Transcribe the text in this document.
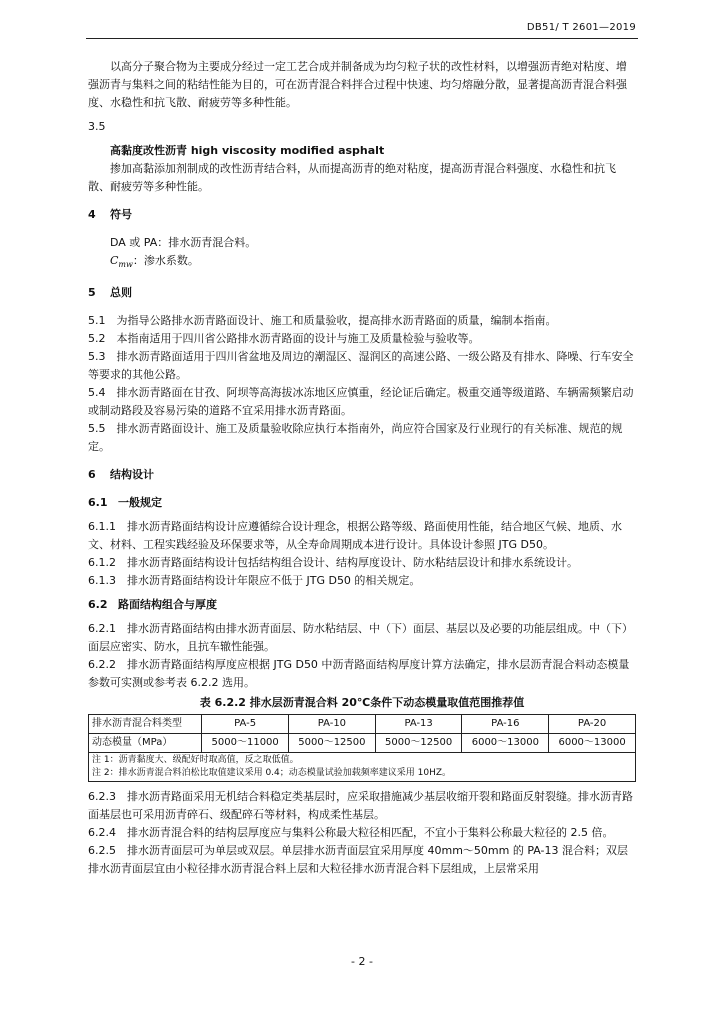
DB51/ T 2601—2019

以高分子聚合物为主要成分经过一定工艺合成并制备成为均匀粒子状的改性材料，以增强沥青绝对粘度、增强沥青与集料之间的粘结性能为目的，可在沥青混合料拌合过程中快速、均匀熔融分散，显著提高沥青混合料强度、水稳性和抗飞散、耐疲劳等多种性能。

3.5

高黏度改性沥青 high viscosity modified asphalt

掺加高黏添加剂制成的改性沥青结合料，从而提高沥青的绝对粘度，提高沥青混合料强度、水稳性和抗飞散、耐疲劳等多种性能。

4 符号

DA 或 PA：排水沥青混合料。

$C_{mw}$：渗水系数。

5 总则

5.1　为指导公路排水沥青路面设计、施工和质量验收，提高排水沥青路面的质量，编制本指南。

5.2　本指南适用于四川省公路排水沥青路面的设计与施工及质量检验与验收等。

5.3　排水沥青路面适用于四川省盆地及周边的潮湿区、湿润区的高速公路、一级公路及有排水、降噪、行车安全等要求的其他公路。

5.4　排水沥青路面在甘孜、阿坝等高海拔冰冻地区应慎重，经论证后确定。极重交通等级道路、车辆需频繁启动或制动路段及容易污染的道路不宜采用排水沥青路面。

5.5　排水沥青路面设计、施工及质量验收除应执行本指南外，尚应符合国家及行业现行的有关标准、规范的规定。

6 结构设计

6.1 一般规定

6.1.1　排水沥青路面结构设计应遵循综合设计理念，根据公路等级、路面使用性能，结合地区气候、地质、水文、材料、工程实践经验及环保要求等，从全寿命周期成本进行设计。具体设计参照 JTG D50。

6.1.2　排水沥青路面结构设计包括结构组合设计、结构厚度设计、防水粘结层设计和排水系统设计。

6.1.3　排水沥青路面结构设计年限应不低于 JTG D50 的相关规定。

6.2 路面结构组合与厚度

6.2.1　排水沥青路面结构由排水沥青面层、防水粘结层、中（下）面层、基层以及必要的功能层组成。中（下）面层应密实、防水，且抗车辙性能强。

6.2.2　排水沥青路面结构厚度应根据 JTG D50 中沥青路面结构厚度计算方法确定，排水层沥青混合料动态模量参数可实测或参考表 6.2.2 选用。

表 6.2.2 排水层沥青混合料 20℃条件下动态模量取值范围推荐值

排水沥青混合料类型	PA-5	PA-10	PA-13	PA-16	PA-20
动态模量（MPa）	5000～11000	5000～12500	5000～12500	6000～13000	6000～13000

注 1：沥青黏度大、级配好时取高值，反之取低值。
注 2：排水沥青混合料泊松比取值建议采用 0.4；动态模量试验加载频率建议采用 10HZ。					

6.2.3　排水沥青路面采用无机结合料稳定类基层时，应采取措施减少基层收缩开裂和路面反射裂缝。排水沥青路面基层也可采用沥青碎石、级配碎石等材料，构成柔性基层。

6.2.4　排水沥青混合料的结构层厚度应与集料公称最大粒径相匹配，不宜小于集料公称最大粒径的 2.5 倍。

6.2.5　排水沥青面层可为单层或双层。单层排水沥青面层宜采用厚度 40mm～50mm 的 PA-13 混合料；双层排水沥青面层宜由小粒径排水沥青混合料上层和大粒径排水沥青混合料下层组成，上层常采用

- 2 -
